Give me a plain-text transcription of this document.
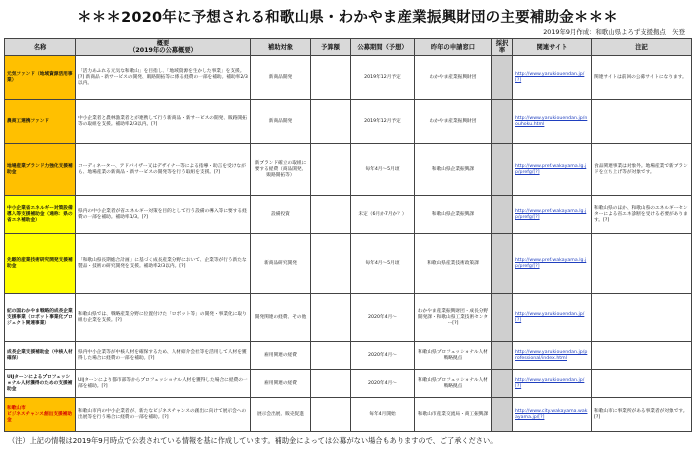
＊＊＊2020年に予想される和歌山県・わかやま産業振興財団の主要補助金＊＊＊
2019年9月作成：和歌山県よろず支援拠点　矢登
名称	概要
（2019年の公募概要）	補助対象	予算額	公募期間（予想）	昨年の申請窓口	採択率	関連サイト	注記
元気ファンド（地域資源活用事業）	「活力あふれる元気な和歌山」を目指し、「地域資源を生かした事業」を支援。[?] 新商品・新サービスの開発、販路開拓等に係る経費の一部を補助。補助率2/3以内。	新商品開発		2019年12月予定	わかやま産業振興財団		http://www.yarukiouendan.jp/[?]	関連サイトは前回の公募サイトになります。
農商工連携ファンド	中小企業者と農林漁業者とが連携して行う新商品・新サービスの開発、販路開拓等の取組を支援。補助率2/3以内。[?]	新商品開発		2019年12月予定	わかやま産業振興財団		http://www.yarukiouendan.jp/nouhoku.html	
地場産業ブランド力強化支援補助金	コーディネーター、アドバイザー又はデザイナー等による指導・助言を受けながら、地場産業の新商品・新サービスの開発等を行う取組を支援。[?]	新ブランド確立の取組に要する経費（商品開発、販路開拓等）		毎年4月～5月頃	和歌山県企業振興課		http://www.pref.wakayama.lg.jp/prefg/[?]	食品関連事業は対象外。地場産業で新ブランドを立ち上げ等が対象です。
中小企業省エネルギー対策設備導入等支援補助金（通称：県の省エネ補助金）	県内の中小企業者が省エネルギー対策を目的として行う設備の導入等に要する経費の一部を補助。補助率1/3。[?]	設備投資		未定（6月か7月か？）	和歌山県企業振興課		http://www.pref.wakayama.lg.jp/prefg/[?]	和歌山県のほか、和歌山県のエネルギーセンターによる省エネ診断を受ける必要があります。[?]
先駆的産業技術研究開発支援補助金	「和歌山県長期総合計画」に基づく成長産業分野において、企業等が行う新たな製品・技術の研究開発を支援。補助率2/3以内。[?]	新商品研究開発		毎年4月～5月頃	和歌山県産業技術政策課		http://www.pref.wakayama.lg.jp/prefg/[?]	
紀の国わかやま戦略的成長企業支援事業（ロボット事業化プロジェクト関連事業）	和歌山県では、戦略産業分野に位置付けた「ロボット等」の開発・事業化に取り組む企業を支援。[?]	開発関連の経費、その他		2020年4月～	わかやま産業振興財団・成長分野開発課・和歌山県工業技術センター[?]		http://www.yarukiouendan.jp/[?]	
成長企業支援補助金（中核人材確保）	県内中小企業等が中核人材を確保するため、人材紹介会社等を活用して人材を獲得した場合に経費の一部を補助。[?]	雇用関連の経費		2020年4月～	和歌山県プロフェッショナル人材戦略拠点		http://www.yarukiouendan.jp/professional/index.html	
UIJターンによるプロフェッショナル人材獲得のための支援補助金	UIJターンにより都市部等からプロフェッショナル人材を獲得した場合に経費の一部を補助。[?]	雇用関連の経費		2020年4月～	和歌山県プロフェッショナル人材戦略拠点		http://www.yarukiouendan.jp/[?]	
和歌山市
ビジネスチャンス創出支援補助金	和歌山市内の中小企業者が、新たなビジネスチャンスの創出に向けて展示会への出展等を行う場合に経費の一部を補助。[?]	展示会出展、販売促進		毎年4月開始	和歌山市産業交流局・商工振興課		http://www.city.wakayama.wakayama.jp/[?]	和歌山市に事業所がある事業者が対象です。[?]
（注）上記の情報は2019年9月時点で公表されている情報を基に作成しています。補助金によっては公募がない場合もありますので、ご了承ください。
